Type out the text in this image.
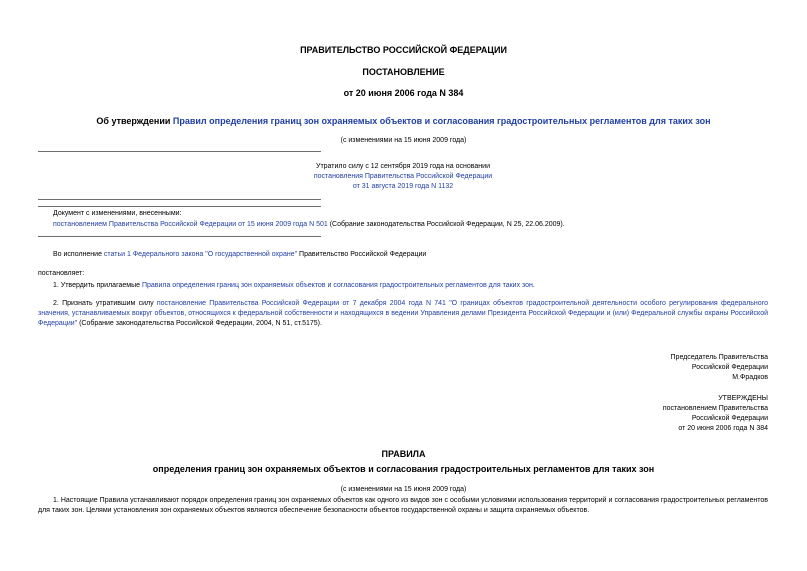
ПРАВИТЕЛЬСТВО РОССИЙСКОЙ ФЕДЕРАЦИИ
ПОСТАНОВЛЕНИЕ
от 20 июня 2006 года N 384
Об утверждении Правил определения границ зон охраняемых объектов и согласования градостроительных регламентов для таких зон
(с изменениями на 15 июня 2009 года)
Утратило силу с 12 сентября 2019 года на основании
постановления Правительства Российской Федерации
от 31 августа 2019 года N 1132
Документ с изменениями, внесенными:
постановлением Правительства Российской Федерации от 15 июня 2009 года N 501 (Собрание законодательства Российской Федерации, N 25, 22.06.2009).
Во исполнение статьи 1 Федерального закона "О государственной охране" Правительство Российской Федерации
постановляет:
1. Утвердить прилагаемые Правила определения границ зон охраняемых объектов и согласования градостроительных регламентов для таких зон.
2. Признать утратившим силу постановление Правительства Российской Федерации от 7 декабря 2004 года N 741 "О границах объектов градостроительной деятельности особого регулирования федерального значения, устанавливаемых вокруг объектов, относящихся к федеральной собственности и находящихся в ведении Управления делами Президента Российской Федерации и (или) Федеральной службы охраны Российской Федерации" (Собрание законодательства Российской Федерации, 2004, N 51, ст.5175).
Председатель Правительства
Российской Федерации
М.Фрадков
УТВЕРЖДЕНЫ
постановлением Правительства
Российской Федерации
от 20 июня 2006 года N 384
ПРАВИЛА
определения границ зон охраняемых объектов и согласования градостроительных регламентов для таких зон
(с изменениями на 15 июня 2009 года)
1. Настоящие Правила устанавливают порядок определения границ зон охраняемых объектов как одного из видов зон с особыми условиями использования территорий и согласования градостроительных регламентов для таких зон. Целями установления зон охраняемых объектов являются обеспечение безопасности объектов государственной охраны и защита охраняемых объектов.
